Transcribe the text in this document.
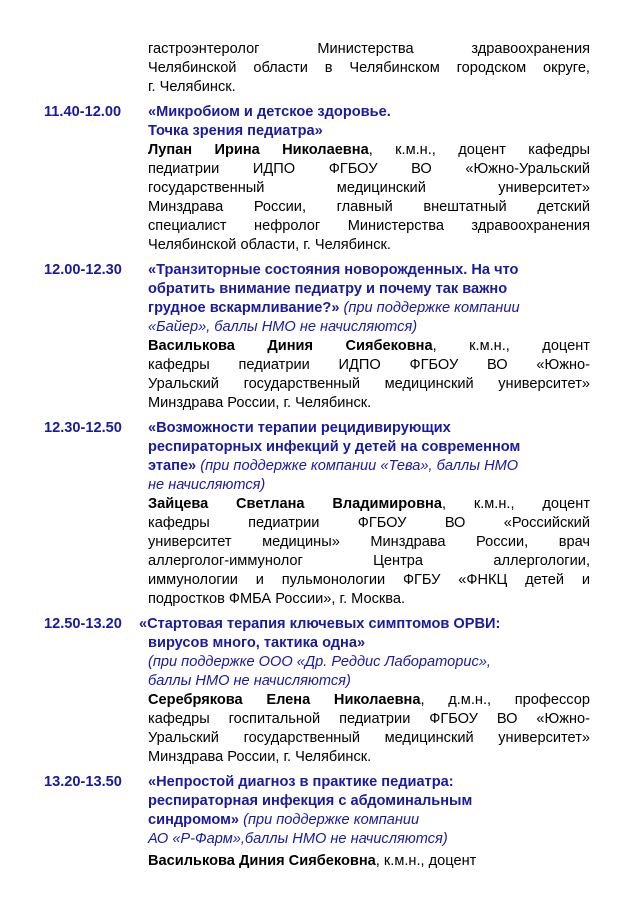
гастроэнтеролог Министерства здравоохранения
Челябинской области в Челябинском городском округе,
г. Челябинск.
11.40-12.00 «Микробиом и детское здоровье.
Точка зрения педиатра»
Лупан Ирина Николаевна, к.м.н., доцент кафедры
педиатрии ИДПО ФГБОУ ВО «Южно-Уральский
государственный медицинский университет»
Минздрава России, главный внештатный детский
специалист нефролог Министерства здравоохранения
Челябинской области, г. Челябинск.
12.00-12.30 «Транзиторные состояния новорожденных. На что
обратить внимание педиатру и почему так важно
грудное вскармливание?» (при поддержке компании
«Байер», баллы НМО не начисляются)
Василькова Диния Сиябековна, к.м.н., доцент
кафедры педиатрии ИДПО ФГБОУ ВО «Южно-
Уральский государственный медицинский университет»
Минздрава России, г. Челябинск.
12.30-12.50 «Возможности терапии рецидивирующих
респираторных инфекций у детей на современном
этапе» (при поддержке компании «Тева», баллы НМО
не начисляются)
Зайцева Светлана Владимировна, к.м.н., доцент
кафедры педиатрии ФГБОУ ВО «Российский
университет медицины» Минздрава России, врач
аллерголог-иммунолог Центра аллергологии,
иммунологии и пульмонологии ФГБУ «ФНКЦ детей и
подростков ФМБА России», г. Москва.
12.50-13.20 «Стартовая терапия ключевых симптомов ОРВИ:
вирусов много, тактика одна»
(при поддержке ООО «Др. Реддис Лабораторис»,
баллы НМО не начисляются)
Серебрякова Елена Николаевна, д.м.н., профессор
кафедры госпитальной педиатрии ФГБОУ ВО «Южно-
Уральский государственный медицинский университет»
Минздрава России, г. Челябинск.
13.20-13.50 «Непростой диагноз в практике педиатра:
респираторная инфекция с абдоминальным
синдромом» (при поддержке компании
АО «Р-Фарм»,баллы НМО не начисляются)
Василькова Диния Сиябековна, к.м.н., доцент
